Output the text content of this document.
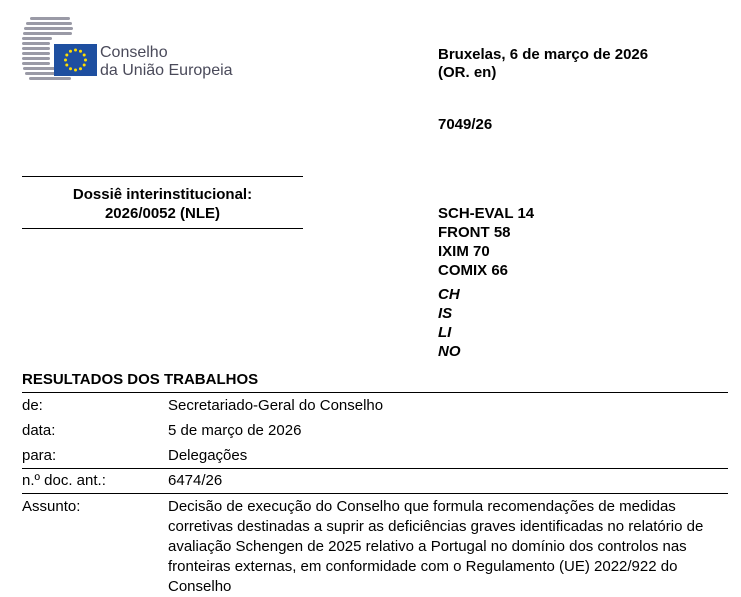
Conselho
da União Europeia
Bruxelas, 6 de março de 2026
(OR. en)
7049/26
Dossiê interinstitucional:
2026/0052 (NLE)	SCH-EVAL 14
FRONT 58
IXIM 70
COMIX 66
CH
IS
LI
NO
RESULTADOS DOS TRABALHOS
de:	Secretariado-Geral do Conselho
data:	5 de março de 2026
para:	Delegações
n.º doc. ant.:	6474/26
Assunto:	Decisão de execução do Conselho que formula recomendações de medidas corretivas destinadas a suprir as deficiências graves identificadas no relatório de avaliação Schengen de 2025 relativo a Portugal no domínio dos controlos nas fronteiras externas, em conformidade com o Regulamento (UE) 2022/922 do Conselho
